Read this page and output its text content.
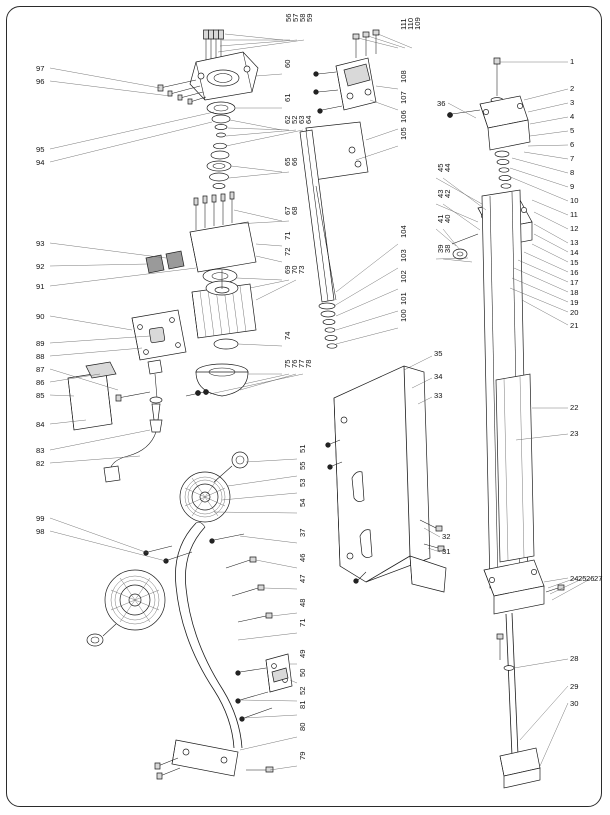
97
96
95
94
93
92
91
90
89
88
87
86
85
84
83
82
99
98
56
57
58
59
60
61
62
52
63
64
65
66
67
68
71
72
69
70
73
74
75
76
77
78
51
55
53
54
37
46
47
48
71
49
50
52
81
80
79
111
110
109
108
107
106
105
104
103
102
101
100
36
45
44
43
42
41
40
39
38
35
34
33
32
31
1
2
3
4
5
6
7
8
9
10
11
12
13
14
15
16
17
18
19
20
21
22
23
24 25 26 27
28
29
30
